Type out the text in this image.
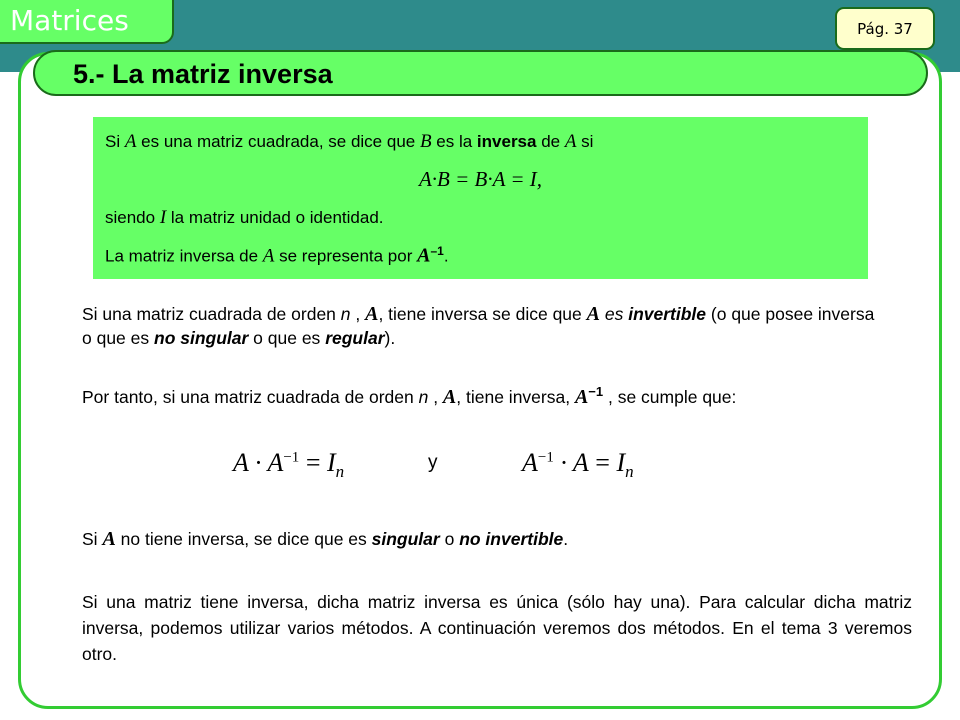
Matrices	Pág. 37
5.- La matriz inversa
Si A es una matriz cuadrada, se dice que B es la inversa de A si
A·B = B·A = I,
siendo I la matriz unidad o identidad.
La matriz inversa de A se representa por $A^{-1}$.
Si una matriz cuadrada de orden n , A, tiene inversa se dice que A es invertible (o que posee inversa o que es no singular o que es regular).
Por tanto, si una matriz cuadrada de orden n , A, tiene inversa, $A^{-1}$ , se cumple que:
$A \cdot A^{-1} = I_n$	y	$A^{-1} \cdot A = I_n$
Si A no tiene inversa, se dice que es singular o no invertible.
Si una matriz tiene inversa, dicha matriz inversa es única (sólo hay una). Para calcular dicha matriz inversa, podemos utilizar varios métodos. A continuación veremos dos métodos. En el tema 3 veremos otro.
